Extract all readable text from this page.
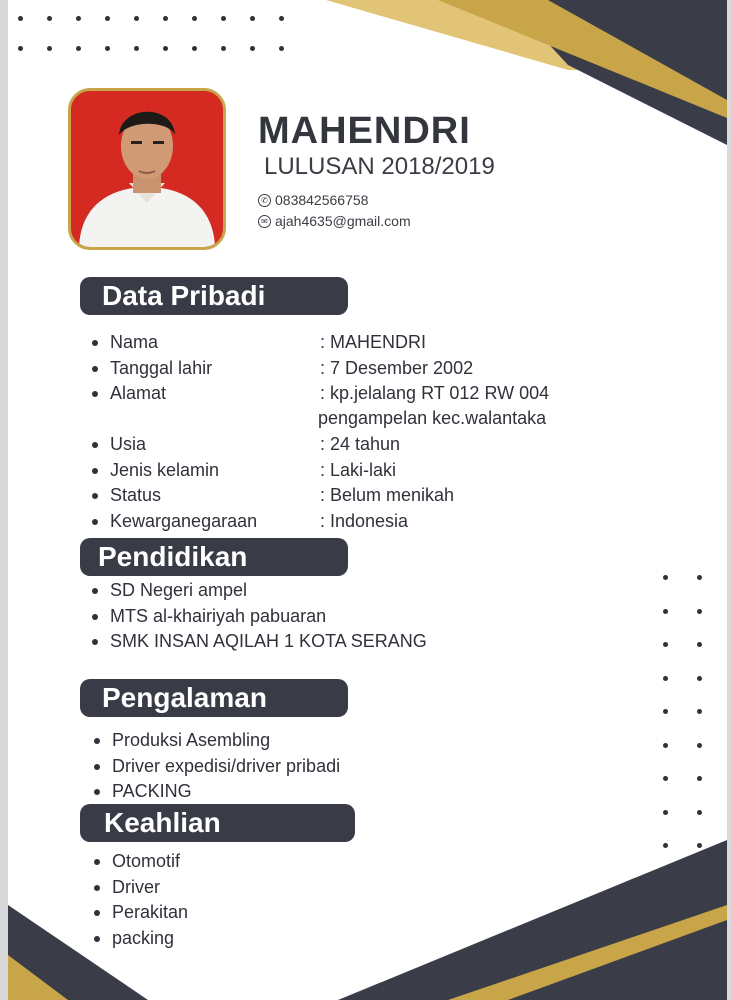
MAHENDRI
LULUSAN 2018/2019
✆ 083842566758
✉ ajah4635@gmail.com
Data Pribadi
Nama	: MAHENDRI
Tanggal lahir	: 7 Desember 2002
Alamat	: kp.jelalang RT 012 RW 004
pengampelan kec.walantaka
Usia	: 24 tahun
Jenis kelamin	: Laki-laki
Status	: Belum menikah
Kewarganegaraan	: Indonesia
Pendidikan
SD Negeri ampel
MTS al-khairiyah pabuaran
SMK INSAN AQILAH 1 KOTA SERANG
Pengalaman
Produksi Asembling
Driver expedisi/driver pribadi
PACKING
Keahlian
Otomotif
Driver
Perakitan
packing
